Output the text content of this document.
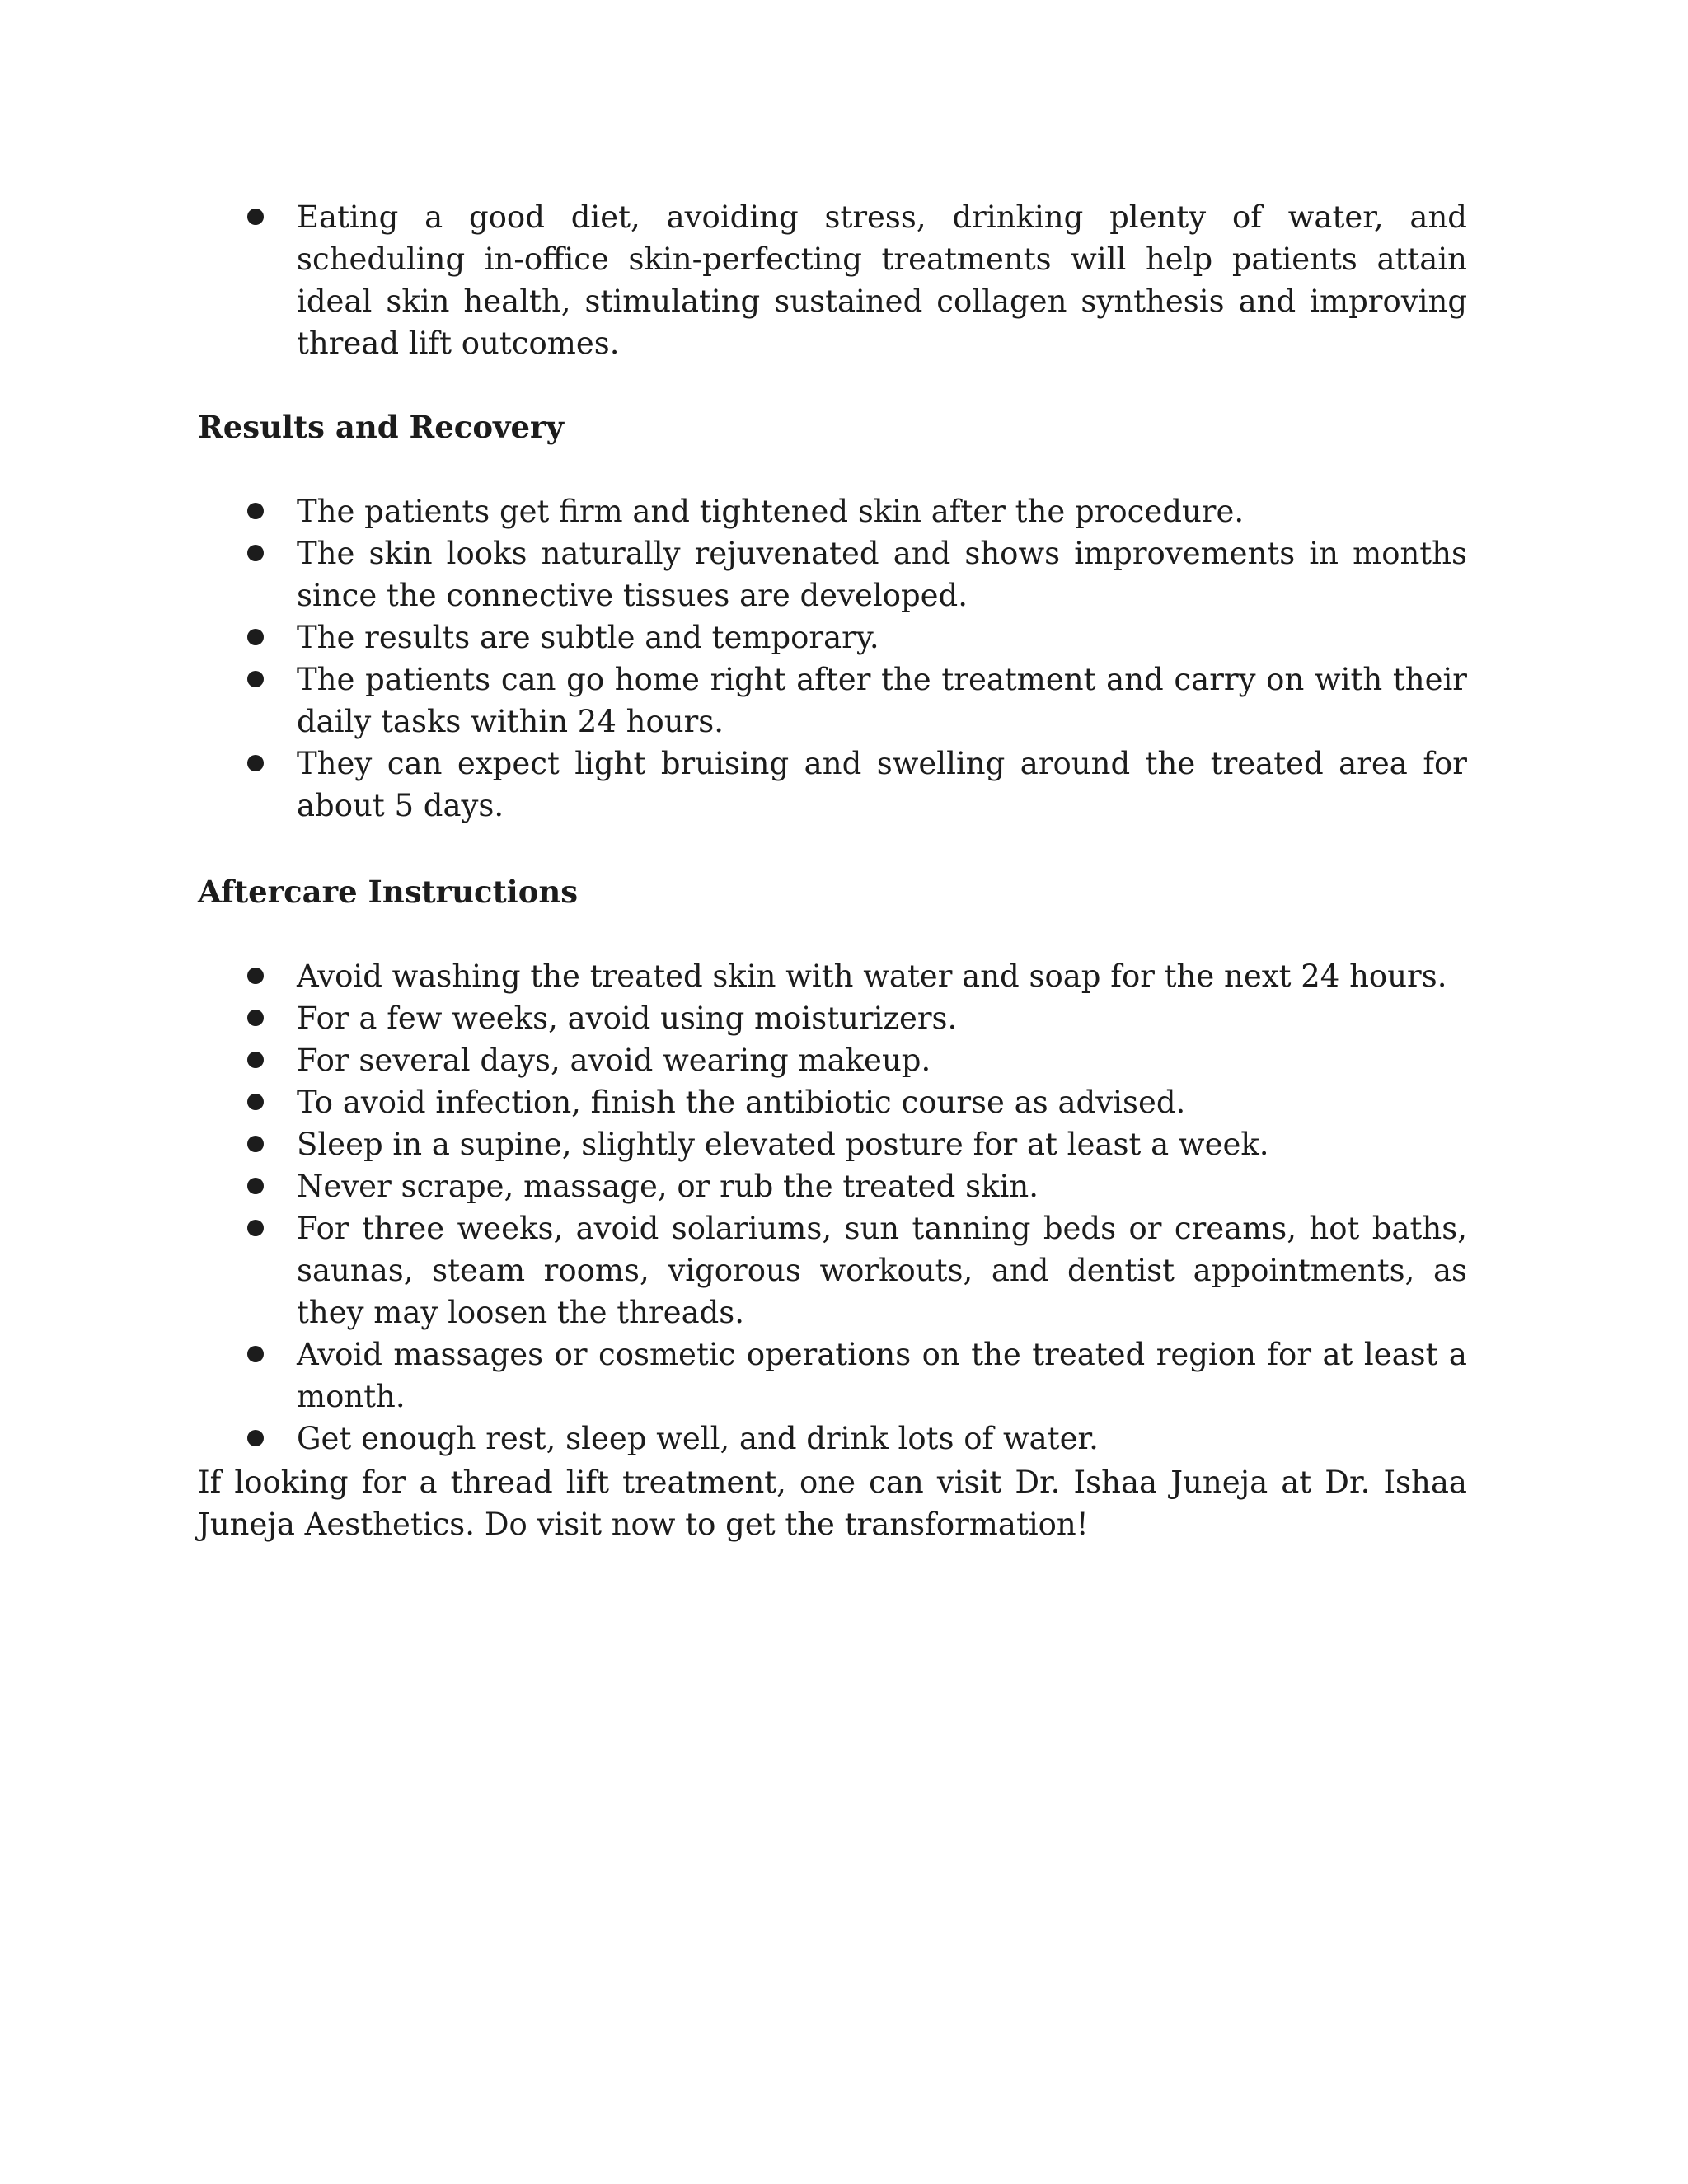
Eating a good diet, avoiding stress, drinking plenty of water, and scheduling in-office skin-perfecting treatments will help patients attain ideal skin health, stimulating sustained collagen synthesis and improving thread lift outcomes.
Results and Recovery
The patients get firm and tightened skin after the procedure.
The skin looks naturally rejuvenated and shows improvements in months since the connective tissues are developed.
The results are subtle and temporary.
The patients can go home right after the treatment and carry on with their daily tasks within 24 hours.
They can expect light bruising and swelling around the treated area for about 5 days.
Aftercare Instructions
Avoid washing the treated skin with water and soap for the next 24 hours.
For a few weeks, avoid using moisturizers.
For several days, avoid wearing makeup.
To avoid infection, finish the antibiotic course as advised.
Sleep in a supine, slightly elevated posture for at least a week.
Never scrape, massage, or rub the treated skin.
For three weeks, avoid solariums, sun tanning beds or creams, hot baths, saunas, steam rooms, vigorous workouts, and dentist appointments, as they may loosen the threads.
Avoid massages or cosmetic operations on the treated region for at least a month.
Get enough rest, sleep well, and drink lots of water.

If looking for a thread lift treatment, one can visit Dr. Ishaa Juneja at Dr. Ishaa Juneja Aesthetics. Do visit now to get the transformation!
